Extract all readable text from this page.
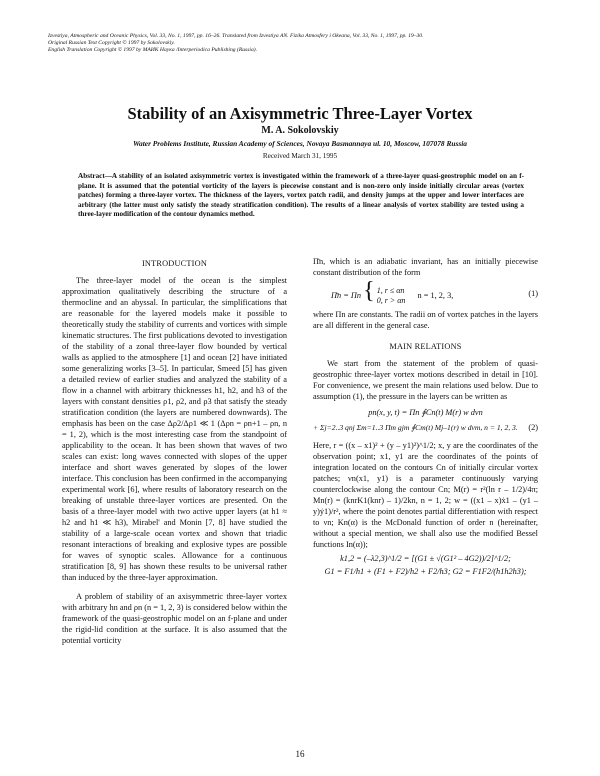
Izvestiya, Atmospheric and Oceanic Physics, Vol. 33, No. 1, 1997, pp. 16–26. Translated from Izvestiya AN. Fizika Atmosfery i Okeana, Vol. 33, No. 1, 1997, pp. 19–30.
Original Russian Text Copyright © 1997 by Sokolovskiy.
English Translation Copyright © 1997 by MAИK Hayкa /Interperiodica Publishing (Russia).
Stability of an Axisymmetric Three-Layer Vortex
M. A. Sokolovskiy
Water Problems Institute, Russian Academy of Sciences, Novaya Basmannaya ul. 10, Moscow, 107078 Russia
Received March 31, 1995
Abstract—A stability of an isolated axisymmetric vortex is investigated within the framework of a three-layer quasi-geostrophic model on an f-plane. It is assumed that the potential vorticity of the layers is piecewise constant and is non-zero only inside initially circular areas (vortex patches) forming a three-layer vortex. The thickness of the layers, vortex patch radii, and density jumps at the upper and lower interfaces are arbitrary (the latter must only satisfy the steady stratification condition). The results of a linear analysis of vortex stability are tested using a three-layer modification of the contour dynamics method.
INTRODUCTION

The three-layer model of the ocean is the simplest approximation qualitatively describing the structure of a thermocline and an abyssal. In particular, the simplifications that are reasonable for the layered models make it possible to theoretically study the stability of currents and vortices with simple kinematic structures. The first publications devoted to investigation of the stability of a zonal three-layer flow bounded by vertical walls as applied to the atmosphere [1] and ocean [2] have initiated some generalizing works [3–5]. In particular, Smeed [5] has given a detailed review of earlier studies and analyzed the stability of a flow in a channel with arbitrary thicknesses h1, h2, and h3 of the layers with constant densities ρ1, ρ2, and ρ3 that satisfy the steady stratification condition (the layers are numbered downwards). The emphasis has been on the case Δρ2/Δρ1 ≪ 1 (Δρn = ρn+1 – ρn, n = 1, 2), which is the most interesting case from the standpoint of applicability to the ocean. It has been shown that waves of two scales can exist: long waves connected with slopes of the upper interface and short waves generated by slopes of the lower interface. This conclusion has been confirmed in the accompanying experimental work [6], where results of laboratory research on the breaking of unstable three-layer vortices are presented. On the basis of a three-layer model with two active upper layers (at h1 ≈ h2 and h1 ≪ h3), Mirabel' and Monin [7, 8] have studied the stability of a large-scale ocean vortex and shown that triadic resonant interactions of breaking and explosive types are possible for waves of synoptic scales. Allowance for a continuous stratification [8, 9] has shown these results to be universal rather than induced by the three-layer approximation.

A problem of stability of an axisymmetric three-layer vortex with arbitrary hn and ρn (n = 1, 2, 3) is considered below within the framework of the quasi-geostrophic model on an f-plane and under the rigid-lid condition at the surface. It is also assumed that the potential vorticity

Π̄n, which is an adiabatic invariant, has an initially piecewise constant distribution of the form

Π̄n = Πn { 1, r ≤ αn
0, r > αn n = 1, 2, 3,	(1)

where Πn are constants. The radii αn of vortex patches in the layers are all different in the general case.

MAIN RELATIONS

We start from the statement of the problem of quasi-geostrophic three-layer vortex motions described in detail in [10]. For convenience, we present the main relations used below. Due to assumption (1), the pressure in the layers can be written as

pn(x, y, t) = Πn ∮Cn(t) M(r) w dνn
+ Σj=2..3 qnj Σm=1..3 Πm gjm ∮Cm(t) Mj–1(r) w dνm, n = 1, 2, 3. (2)

Here, r = ((x – x1)² + (y – y1)²)^1/2; x, y are the coordinates of the observation point; x1, y1 are the coordinates of the points of integration located on the contours Cn of initially circular vortex patches; νn(x1, y1) is a parameter continuously varying counterclockwise along the contour Cn; M(r) = r²(ln r – 1/2)/4π; Mn(r) = (knrK1(knr) – 1)/2kn, n = 1, 2; w = ((x1 – x)ẋ1 – (y1 – y)ẏ1)/r², where the point denotes partial differentiation with respect to νn; Kn(α) is the McDonald function of order n (hereinafter, without a special mention, we shall also use the modified Bessel functions In(α));

k1,2 = (–λ2,3)^1/2 = [(G1 ± √(G1² – 4G2))/2]^1/2;
G1 = F1/h1 + (F1 + F2)/h2 + F2/h3; G2 = F1F2/(h1h2h3);
16
